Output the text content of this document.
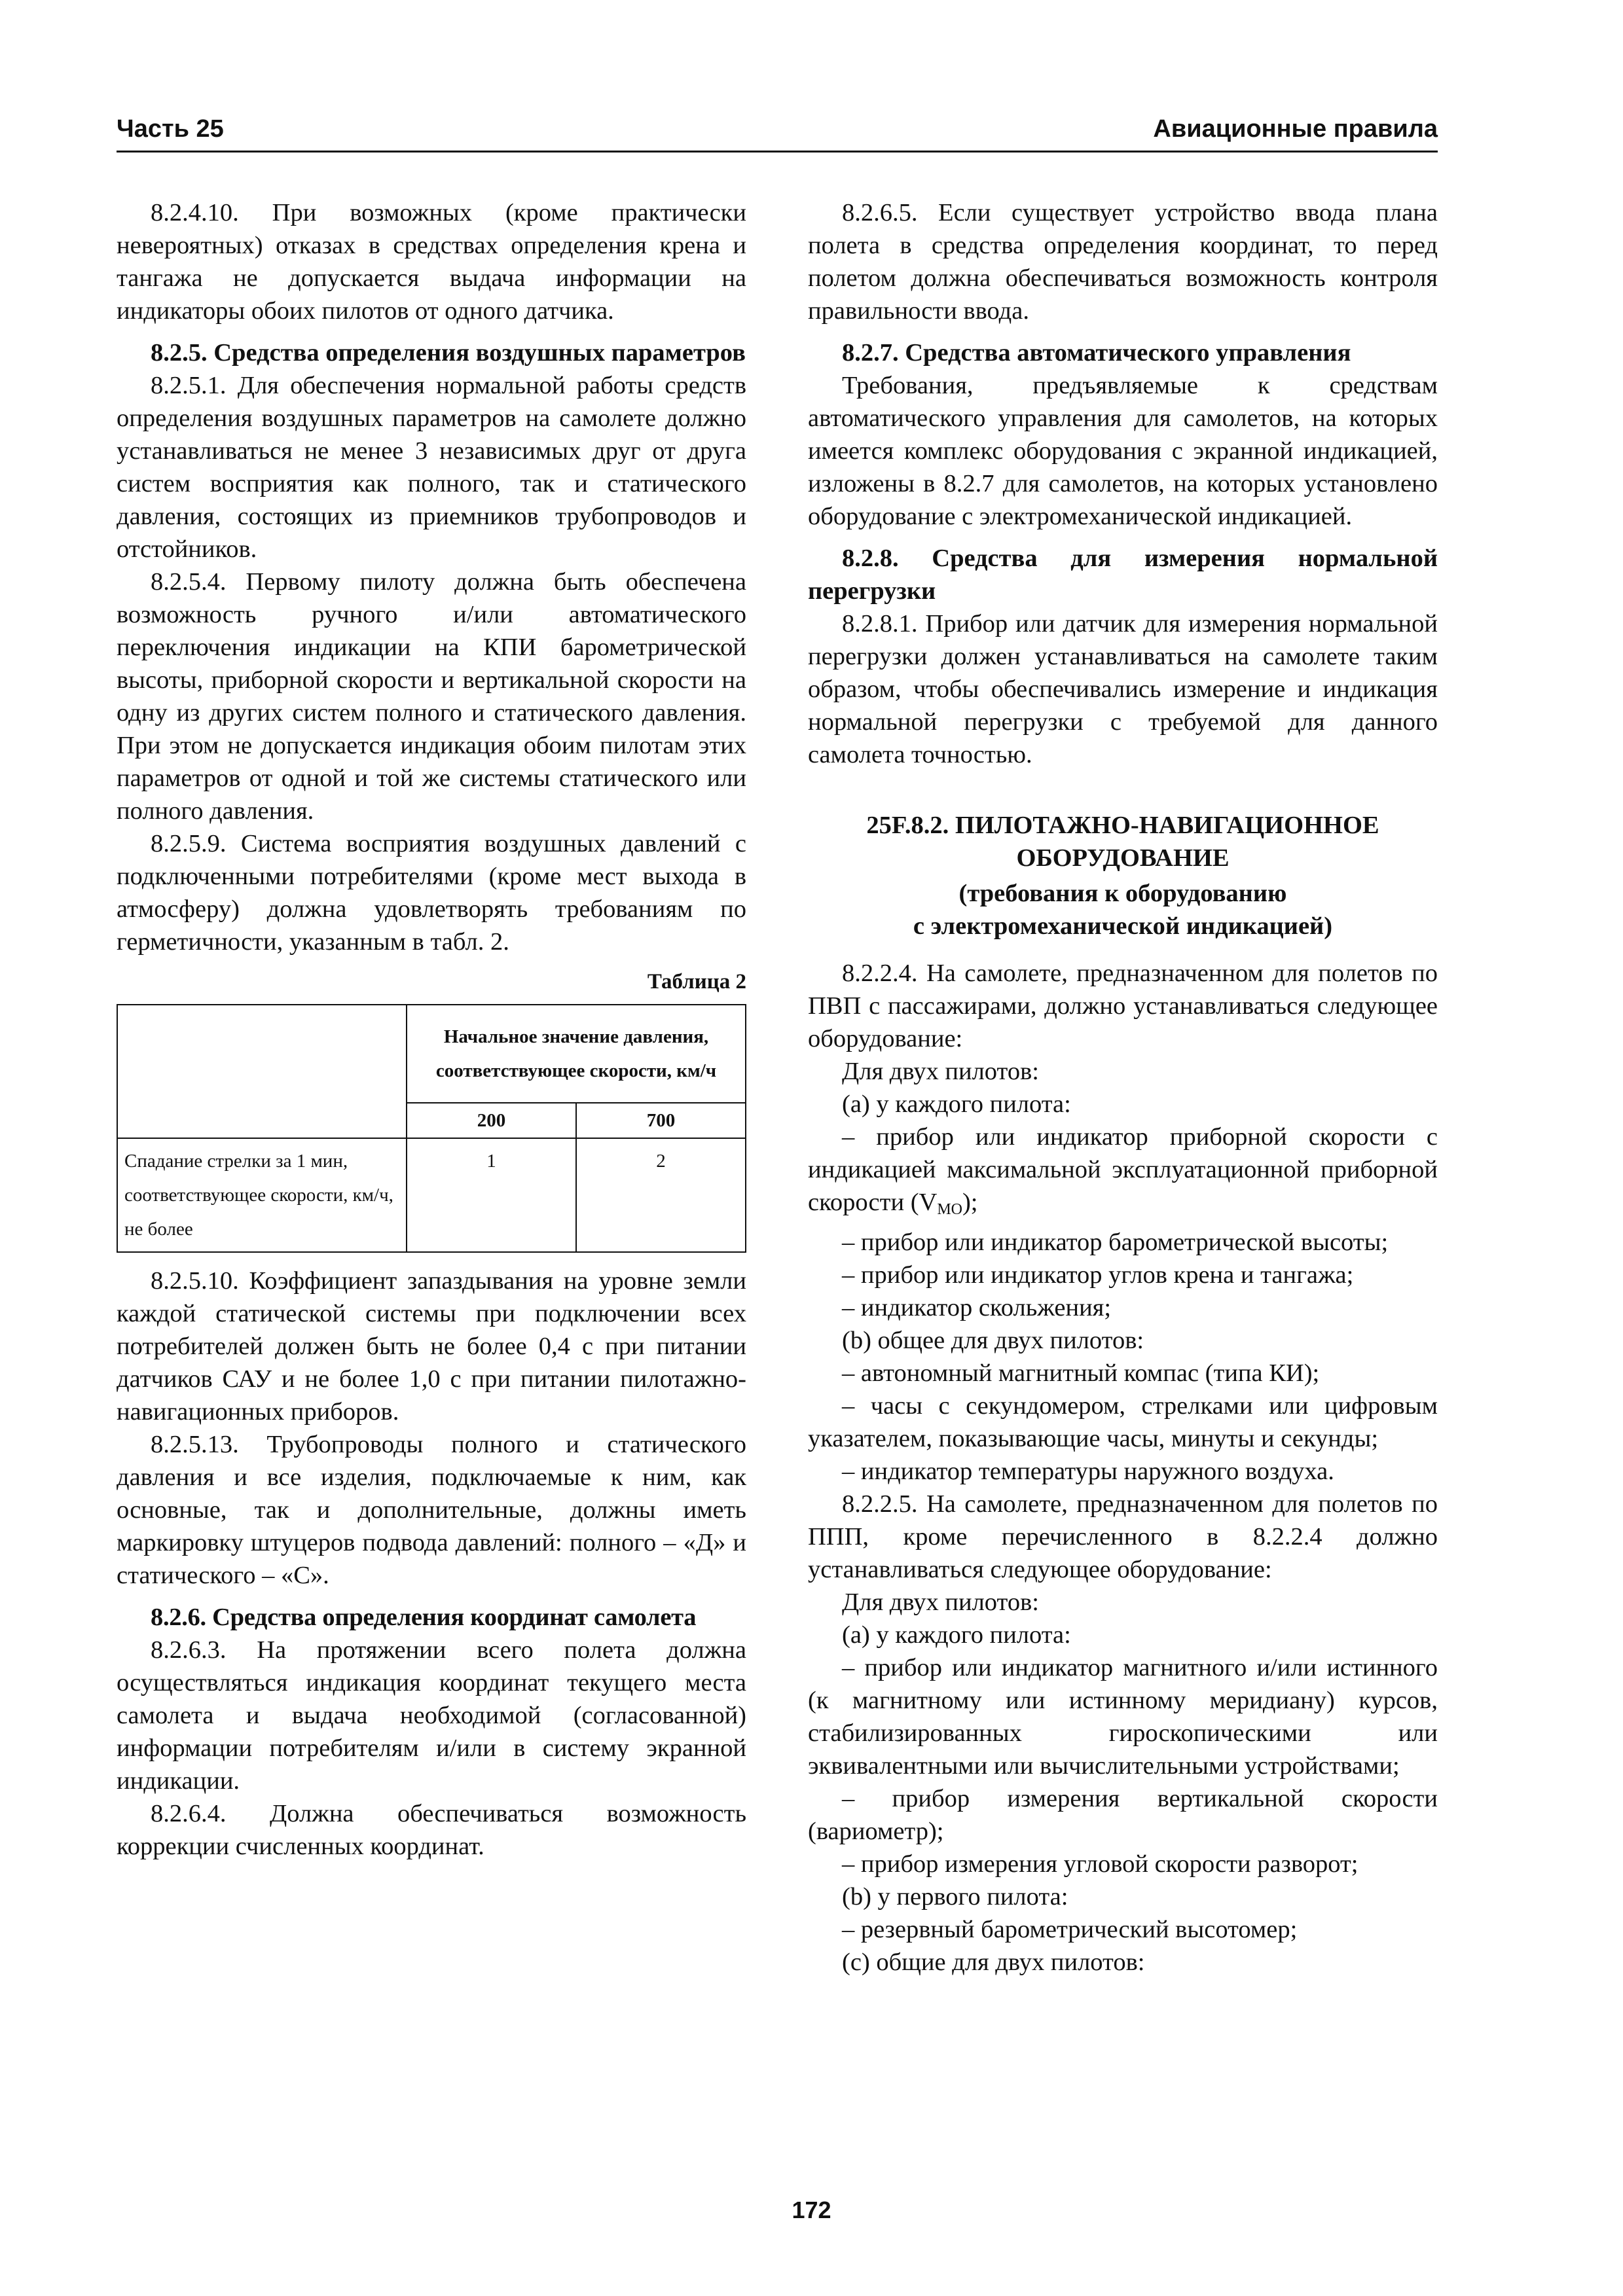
Часть 25	Авиационные правила

8.2.4.10. При возможных (кроме практически невероятных) отказах в средствах определения крена и тангажа не допускается выдача информации на индикаторы обоих пилотов от одного датчика.

8.2.5. Средства определения воздушных параметров

8.2.5.1. Для обеспечения нормальной работы средств определения воздушных параметров на самолете должно устанавливаться не менее 3 независимых друг от друга систем восприятия как полного, так и статического давления, состоящих из приемников трубопроводов и отстойников.

8.2.5.4. Первому пилоту должна быть обеспечена возможность ручного и/или автоматического переключения индикации на КПИ барометрической высоты, приборной скорости и вертикальной скорости на одну из других систем полного и статического давления. При этом не допускается индикация обоим пилотам этих параметров от одной и той же системы статического или полного давления.

8.2.5.9. Система восприятия воздушных давлений с подключенными потребителями (кроме мест выхода в атмосферу) должна удовлетворять требованиям по герметичности, указанным в табл. 2.

Таблица 2
	Начальное значение давления, соответствующее скорости, км/ч	
	200	700
Спадание стрелки за 1 мин, соответствующее скорости, км/ч, не более	1	2

8.2.5.10. Коэффициент запаздывания на уровне земли каждой статической системы при подключении всех потребителей должен быть не более 0,4 с при питании датчиков САУ и не более 1,0 с при питании пилотажно-навигационных приборов.

8.2.5.13. Трубопроводы полного и статического давления и все изделия, подключаемые к ним, как основные, так и дополнительные, должны иметь маркировку штуцеров подвода давлений: полного – «Д» и статического – «С».

8.2.6. Средства определения координат самолета

8.2.6.3. На протяжении всего полета должна осуществляться индикация координат текущего места самолета и выдача необходимой (согласованной) информации потребителям и/или в систему экранной индикации.

8.2.6.4. Должна обеспечиваться возможность коррекции счисленных координат.

8.2.6.5. Если существует устройство ввода плана полета в средства определения координат, то перед полетом должна обеспечиваться возможность контроля правильности ввода.

8.2.7. Средства автоматического управления

Требования, предъявляемые к средствам автоматического управления для самолетов, на которых имеется комплекс оборудования с экранной индикацией, изложены в 8.2.7 для самолетов, на которых установлено оборудование с электромеханической индикацией.

8.2.8. Средства для измерения нормальной перегрузки

8.2.8.1. Прибор или датчик для измерения нормальной перегрузки должен устанавливаться на самолете таким образом, чтобы обеспечивались измерение и индикация нормальной перегрузки с требуемой для данного самолета точностью.

25F.8.2. ПИЛОТАЖНО-НАВИГАЦИОННОЕ

ОБОРУДОВАНИЕ

(требования к оборудованию

с электромеханической индикацией)

8.2.2.4. На самолете, предназначенном для полетов по ПВП с пассажирами, должно устанавливаться следующее оборудование:

Для двух пилотов:

(а) у каждого пилота:

– прибор или индикатор приборной скорости с индикацией максимальной эксплуатационной приборной скорости $(V_{MO})$;

– прибор или индикатор барометрической высоты;

– прибор или индикатор углов крена и тангажа;

– индикатор скольжения;

(b) общее для двух пилотов:

– автономный магнитный компас (типа КИ);

– часы с секундомером, стрелками или цифровым указателем, показывающие часы, минуты и секунды;

– индикатор температуры наружного воздуха.

8.2.2.5. На самолете, предназначенном для полетов по ППП, кроме перечисленного в 8.2.2.4 должно устанавливаться следующее оборудование:

Для двух пилотов:

(а) у каждого пилота:

– прибор или индикатор магнитного и/или истинного (к магнитному или истинному меридиану) курсов, стабилизированных гироскопическими или эквивалентными или вычислительными устройствами;

– прибор измерения вертикальной скорости (вариометр);

– прибор измерения угловой скорости разворот;

(b) у первого пилота:

– резервный барометрический высотомер;

(с) общие для двух пилотов:

172
